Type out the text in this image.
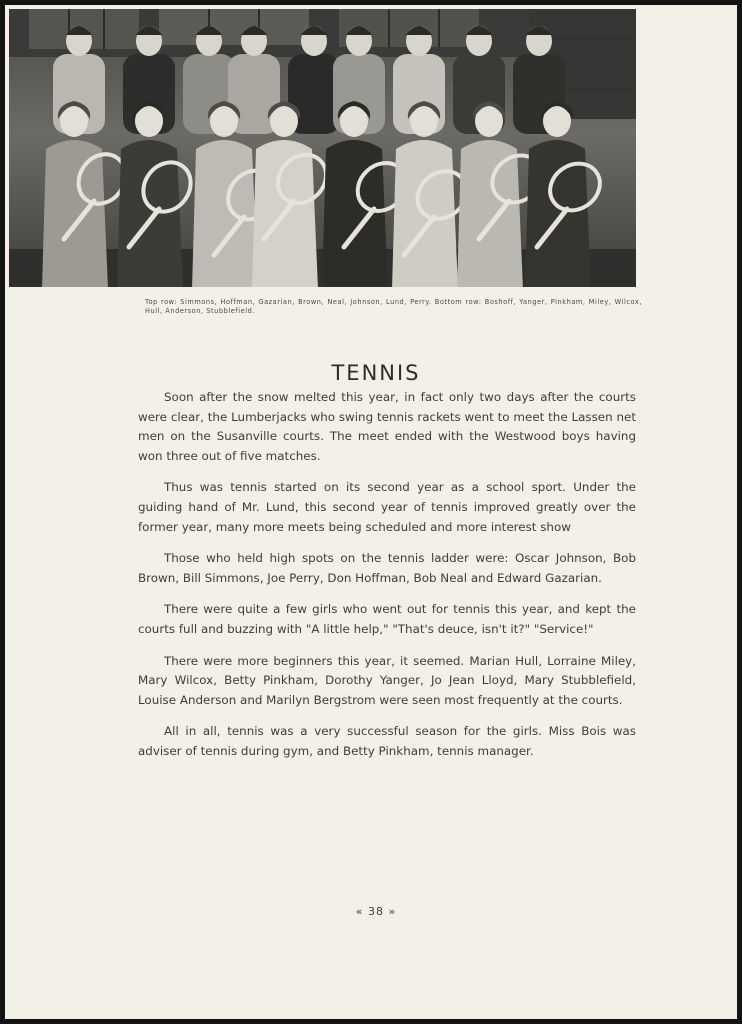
Top row: Simmons, Hoffman, Gazarian, Brown, Neal, Johnson, Lund, Perry. Bottom row: Boshoff, Yanger, Pinkham, Miley, Wilcox, Hull, Anderson, Stubblefield.
TENNIS

Soon after the snow melted this year, in fact only two days after the courts were clear, the Lumberjacks who swing tennis rackets went to meet the Lassen net men on the Susanville courts. The meet ended with the Westwood boys having won three out of five matches.

Thus was tennis started on its second year as a school sport. Under the guiding hand of Mr. Lund, this second year of tennis improved greatly over the former year, many more meets being scheduled and more interest show

Those who held high spots on the tennis ladder were: Oscar Johnson, Bob Brown, Bill Simmons, Joe Perry, Don Hoffman, Bob Neal and Edward Gazarian.

There were quite a few girls who went out for tennis this year, and kept the courts full and buzzing with "A little help," "That's deuce, isn't it?" "Service!"

There were more beginners this year, it seemed. Marian Hull, Lorraine Miley, Mary Wilcox, Betty Pinkham, Dorothy Yanger, Jo Jean Lloyd, Mary Stubblefield, Louise Anderson and Marilyn Bergstrom were seen most frequently at the courts.

All in all, tennis was a very successful season for the girls. Miss Bois was adviser of tennis during gym, and Betty Pinkham, tennis manager.

« 38 »
